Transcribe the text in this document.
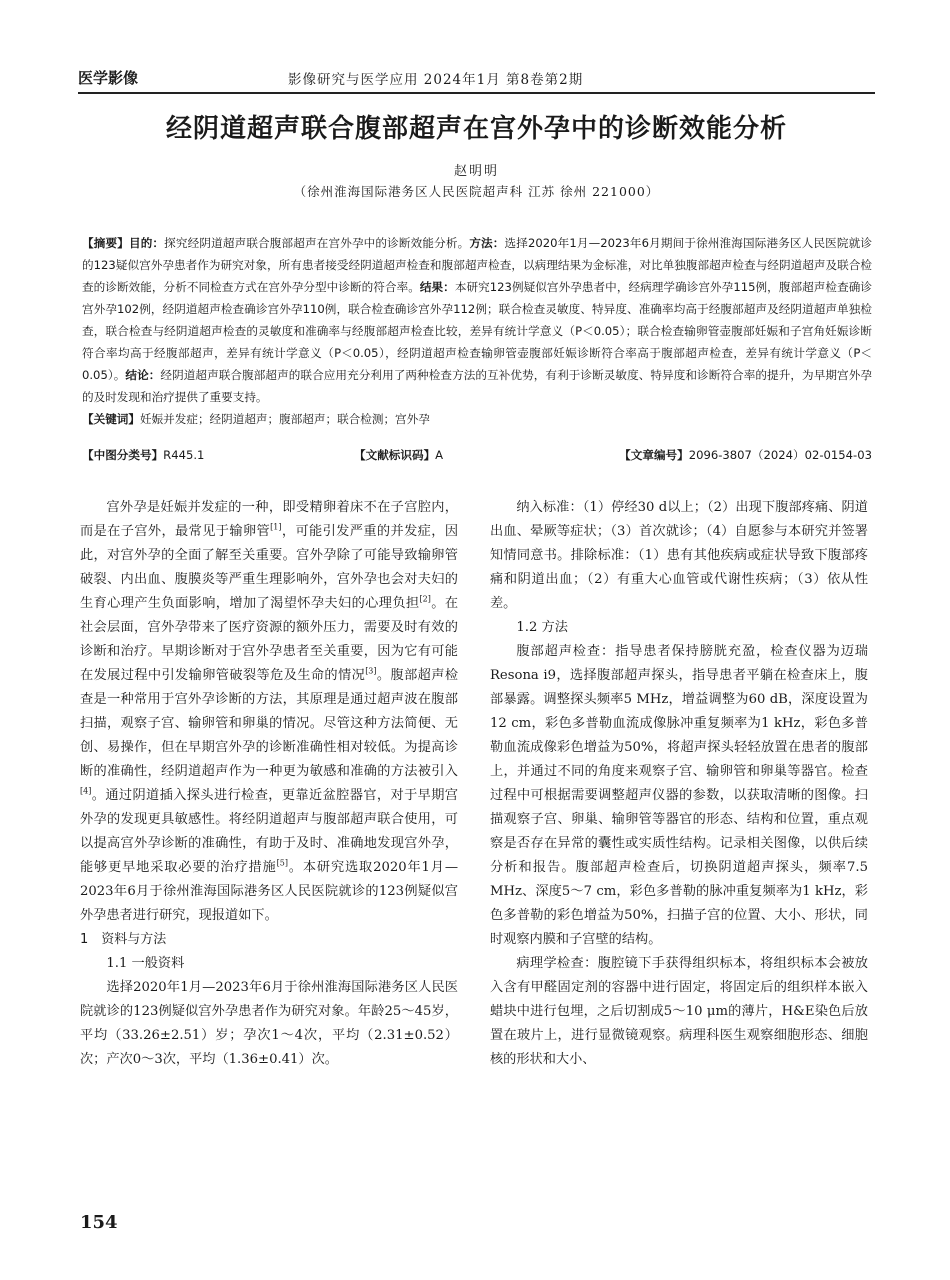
医学影像	影像研究与医学应用 2024年1月 第8卷第2期
经阴道超声联合腹部超声在宫外孕中的诊断效能分析
赵明明
（徐州淮海国际港务区人民医院超声科 江苏 徐州 221000）
【摘要】目的：探究经阴道超声联合腹部超声在宫外孕中的诊断效能分析。方法：选择2020年1月—2023年6月期间于徐州淮海国际港务区人民医院就诊的123疑似宫外孕患者作为研究对象，所有患者接受经阴道超声检查和腹部超声检查，以病理结果为金标准，对比单独腹部超声检查与经阴道超声及联合检查的诊断效能，分析不同检查方式在宫外孕分型中诊断的符合率。结果：本研究123例疑似宫外孕患者中，经病理学确诊宫外孕115例，腹部超声检查确诊宫外孕102例，经阴道超声检查确诊宫外孕110例，联合检查确诊宫外孕112例；联合检查灵敏度、特异度、准确率均高于经腹部超声及经阴道超声单独检查，联合检查与经阴道超声检查的灵敏度和准确率与经腹部超声检查比较，差异有统计学意义（P＜0.05）；联合检查输卵管壶腹部妊娠和子宫角妊娠诊断符合率均高于经腹部超声，差异有统计学意义（P＜0.05），经阴道超声检查输卵管壶腹部妊娠诊断符合率高于腹部超声检查，差异有统计学意义（P＜0.05）。结论：经阴道超声联合腹部超声的联合应用充分利用了两种检查方法的互补优势，有利于诊断灵敏度、特异度和诊断符合率的提升，为早期宫外孕的及时发现和治疗提供了重要支持。
【关键词】妊娠并发症；经阴道超声；腹部超声；联合检测；宫外孕
【中图分类号】R445.1	【文献标识码】A	【文章编号】2096-3807（2024）02-0154-03

宫外孕是妊娠并发症的一种，即受精卵着床不在子宫腔内，而是在子宫外，最常见于输卵管[1]，可能引发严重的并发症，因此，对宫外孕的全面了解至关重要。宫外孕除了可能导致输卵管破裂、内出血、腹膜炎等严重生理影响外，宫外孕也会对夫妇的生育心理产生负面影响，增加了渴望怀孕夫妇的心理负担[2]。在社会层面，宫外孕带来了医疗资源的额外压力，需要及时有效的诊断和治疗。早期诊断对于宫外孕患者至关重要，因为它有可能在发展过程中引发输卵管破裂等危及生命的情况[3]。腹部超声检查是一种常用于宫外孕诊断的方法，其原理是通过超声波在腹部扫描，观察子宫、输卵管和卵巢的情况。尽管这种方法简便、无创、易操作，但在早期宫外孕的诊断准确性相对较低。为提高诊断的准确性，经阴道超声作为一种更为敏感和准确的方法被引入[4]。通过阴道插入探头进行检查，更靠近盆腔器官，对于早期宫外孕的发现更具敏感性。将经阴道超声与腹部超声联合使用，可以提高宫外孕诊断的准确性，有助于及时、准确地发现宫外孕，能够更早地采取必要的治疗措施[5]。本研究选取2020年1月—2023年6月于徐州淮海国际港务区人民医院就诊的123例疑似宫外孕患者进行研究，现报道如下。

1　资料与方法

1.1 一般资料

选择2020年1月—2023年6月于徐州淮海国际港务区人民医院就诊的123例疑似宫外孕患者作为研究对象。年龄25～45岁，平均（33.26±2.51）岁；孕次1～4次，平均（2.31±0.52）次；产次0～3次，平均（1.36±0.41）次。

纳入标准：（1）停经30 d以上；（2）出现下腹部疼痛、阴道出血、晕厥等症状；（3）首次就诊；（4）自愿参与本研究并签署知情同意书。排除标准：（1）患有其他疾病或症状导致下腹部疼痛和阴道出血；（2）有重大心血管或代谢性疾病；（3）依从性差。

1.2 方法

腹部超声检查：指导患者保持膀胱充盈，检查仪器为迈瑞Resona i9，选择腹部超声探头，指导患者平躺在检查床上，腹部暴露。调整探头频率5 MHz，增益调整为60 dB，深度设置为12 cm，彩色多普勒血流成像脉冲重复频率为1 kHz，彩色多普勒血流成像彩色增益为50%，将超声探头轻轻放置在患者的腹部上，并通过不同的角度来观察子宫、输卵管和卵巢等器官。检查过程中可根据需要调整超声仪器的参数，以获取清晰的图像。扫描观察子宫、卵巢、输卵管等器官的形态、结构和位置，重点观察是否存在异常的囊性或实质性结构。记录相关图像，以供后续分析和报告。腹部超声检查后，切换阴道超声探头，频率7.5 MHz、深度5～7 cm，彩色多普勒的脉冲重复频率为1 kHz，彩色多普勒的彩色增益为50%，扫描子宫的位置、大小、形状，同时观察内膜和子宫壁的结构。

病理学检查：腹腔镜下手获得组织标本，将组织标本会被放入含有甲醛固定剂的容器中进行固定，将固定后的组织样本嵌入蜡块中进行包埋，之后切割成5～10 μm的薄片，H&E染色后放置在玻片上，进行显微镜观察。病理科医生观察细胞形态、细胞核的形状和大小、

154
